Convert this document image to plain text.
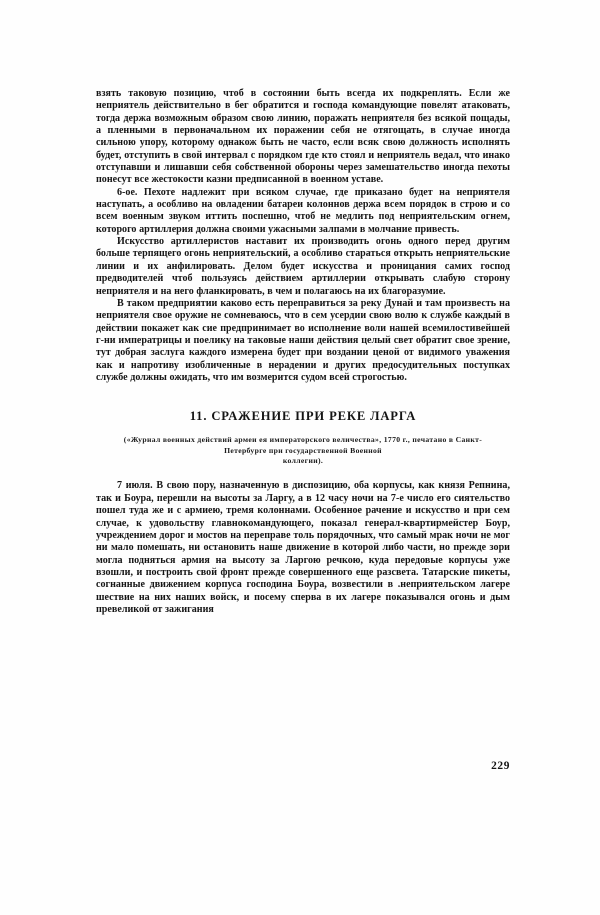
взять таковую позицию, чтоб в состоянии быть всегда их подкреплять. Если же неприятель действительно в бег обратится и господа командующие повелят атаковать, тогда держа возможным образом свою линию, поражать неприятеля без всякой пощады, а пленными в первоначальном их поражении себя не отягощать, в случае иногда сильною упору, которому однакож быть не часто, если всяк свою должность исполнять будет, отступить в свой интервал с порядком где кто стоял и неприятель ведал, что инако отступавши и лишавши себя собственной обороны через замешательство иногда пехоты понесут все жестокости казни предписанной в военном уставе.

6-ое. Пехоте надлежит при всяком случае, где приказано будет на неприятеля наступать, а особливо на овладении батареи колоннов держа всем порядок в строю и со всем военным звуком иттить поспешно, чтоб не медлить под неприятельским огнем, которого артиллерия должна своими ужасными залпами в молчание привесть.

Искусство артиллеристов наставит их производить огонь одного перед другим больше терпящего огонь неприятельский, а особливо стараться открыть неприятельские линии и их анфилировать. Делом будет искусства и проницания самих господ предводителей чтоб пользуясь действием артиллерии открывать слабую сторону неприятеля и на него фланкировать, в чем и полагаюсь на их благоразумие.

В таком предприятии каково есть переправиться за реку Дунай и там произвесть на неприятеля свое оружие не сомневаюсь, что в сем усердии свою волю к службе каждый в действии покажет как сие предпринимает во исполнение воли нашей всемилостивейшей г-ни императрицы и поелику на таковые наши действия целый свет обратит свое зрение, тут добрая заслуга каждого измерена будет при воздании ценой от видимого уважения как и напротиву изобличенные в нерадении и других предосудительных поступках службе должны ожидать, что им возмерится судом всей строгостью.

11. СРАЖЕНИЕ ПРИ РЕКЕ ЛАРГА
(«Журнал военных действий армеи ея императорского величества», 1770 г., печатано в Санкт-Петербурге при государственной Военной
коллегии).

7 июля. В свою пору, назначенную в диспозицию, оба корпусы, как князя Репнина, так и Боура, перешли на высоты за Ларгу, а в 12 часу ночи на 7-е число его сиятельство пошел туда же и с армиею, тремя колоннами. Особенное рачение и искусство и при сем случае, к удовольству главнокомандующего, показал генерал-квартирмейстер Боур, учреждением дорог и мостов на переправе толь порядочных, что самый мрак ночи не мог ни мало помешать, ни остановить наше движение в которой либо части, но прежде зори могла подняться армия на высоту за Ларгою речкою, куда передовые корпусы уже взошли, и построить свой фронт прежде совершенного еще разсвета. Татарские пикеты, согнанные движением корпуса господина Боура, возвестили в .неприятельском лагере шествие на них наших войск, и посему сперва в их лагере показывался огонь и дым превеликой от зажигания

229
